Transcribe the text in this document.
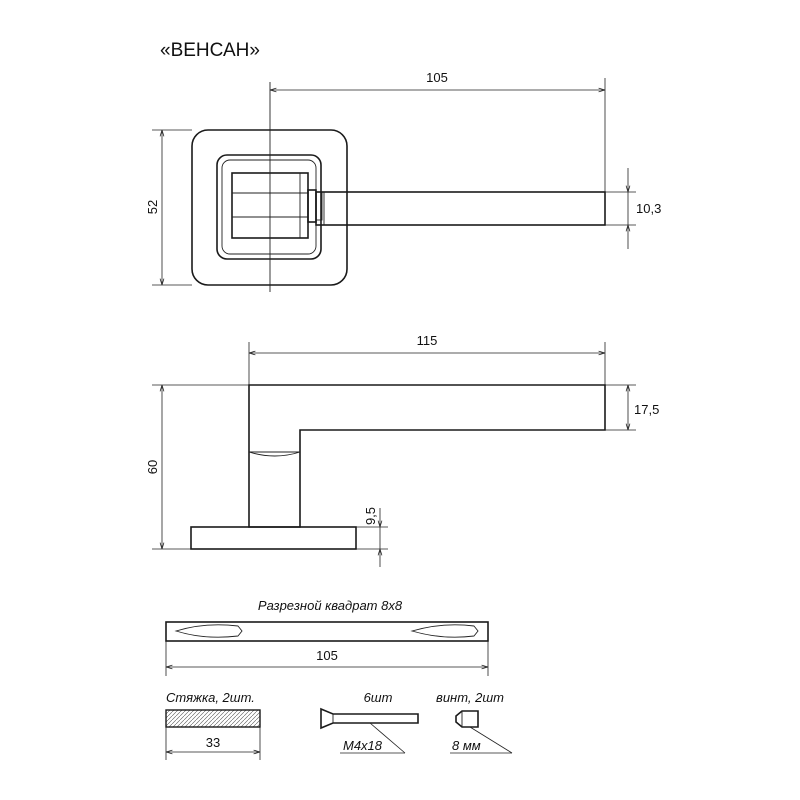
«ВЕНСАН»
105
52	10,3
115
60
17,5
9,5
Разрезной квадрат 8х8
105
Стяжка, 2шт.
33
6шт
М4х18
винт, 2шт
8 мм
